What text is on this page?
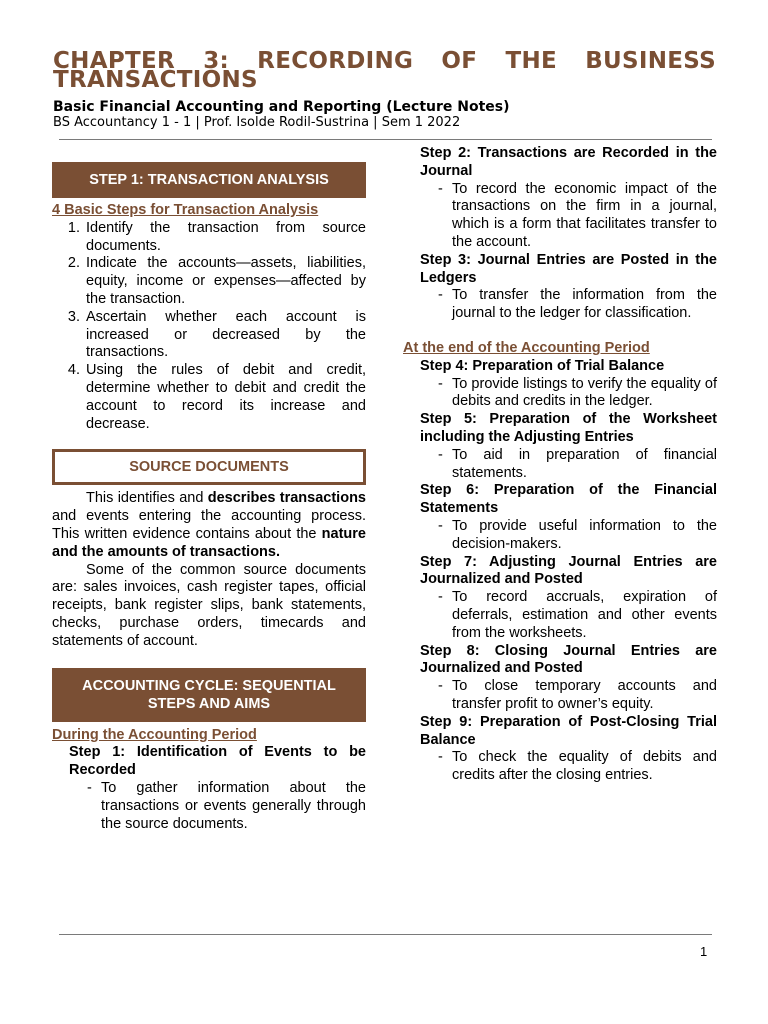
CHAPTER 3: RECORDING OF THE BUSINESS
TRANSACTIONS
Basic Financial Accounting and Reporting (Lecture Notes)
BS Accountancy 1 - 1 | Prof. Isolde Rodil-Sustrina | Sem 1 2022
STEP 1: TRANSACTION ANALYSIS
4 Basic Steps for Transaction Analysis
1. Identify the transaction from source documents.
2. Indicate the accounts—assets, liabilities, equity, income or expenses—affected by the transaction.
3. Ascertain whether each account is increased or decreased by the transactions.
4. Using the rules of debit and credit, determine whether to debit and credit the account to record its increase and decrease.
SOURCE DOCUMENTS

This identifies and describes transactions and events entering the accounting process. This written evidence contains about the nature and the amounts of transactions.

Some of the common source documents are: sales invoices, cash register tapes, official receipts, bank register slips, bank statements, checks, purchase orders, timecards and statements of account.

ACCOUNTING CYCLE: SEQUENTIAL STEPS AND AIMS
During the Accounting Period
Step 1: Identification of Events to be Recorded
- To gather information about the transactions or events generally through the source documents.
Step 2: Transactions are Recorded in the Journal
- To record the economic impact of the transactions on the firm in a journal, which is a form that facilitates transfer to the account.
Step 3: Journal Entries are Posted in the Ledgers
- To transfer the information from the journal to the ledger for classification.
At the end of the Accounting Period
Step 4: Preparation of Trial Balance
- To provide listings to verify the equality of debits and credits in the ledger.
Step 5: Preparation of the Worksheet including the Adjusting Entries
- To aid in preparation of financial statements.
Step 6: Preparation of the Financial Statements
- To provide useful information to the decision-makers.
Step 7: Adjusting Journal Entries are Journalized and Posted
- To record accruals, expiration of deferrals, estimation and other events from the worksheets.
Step 8: Closing Journal Entries are Journalized and Posted
- To close temporary accounts and transfer profit to owner’s equity.
Step 9: Preparation of Post-Closing Trial Balance
- To check the equality of debits and credits after the closing entries.
1
